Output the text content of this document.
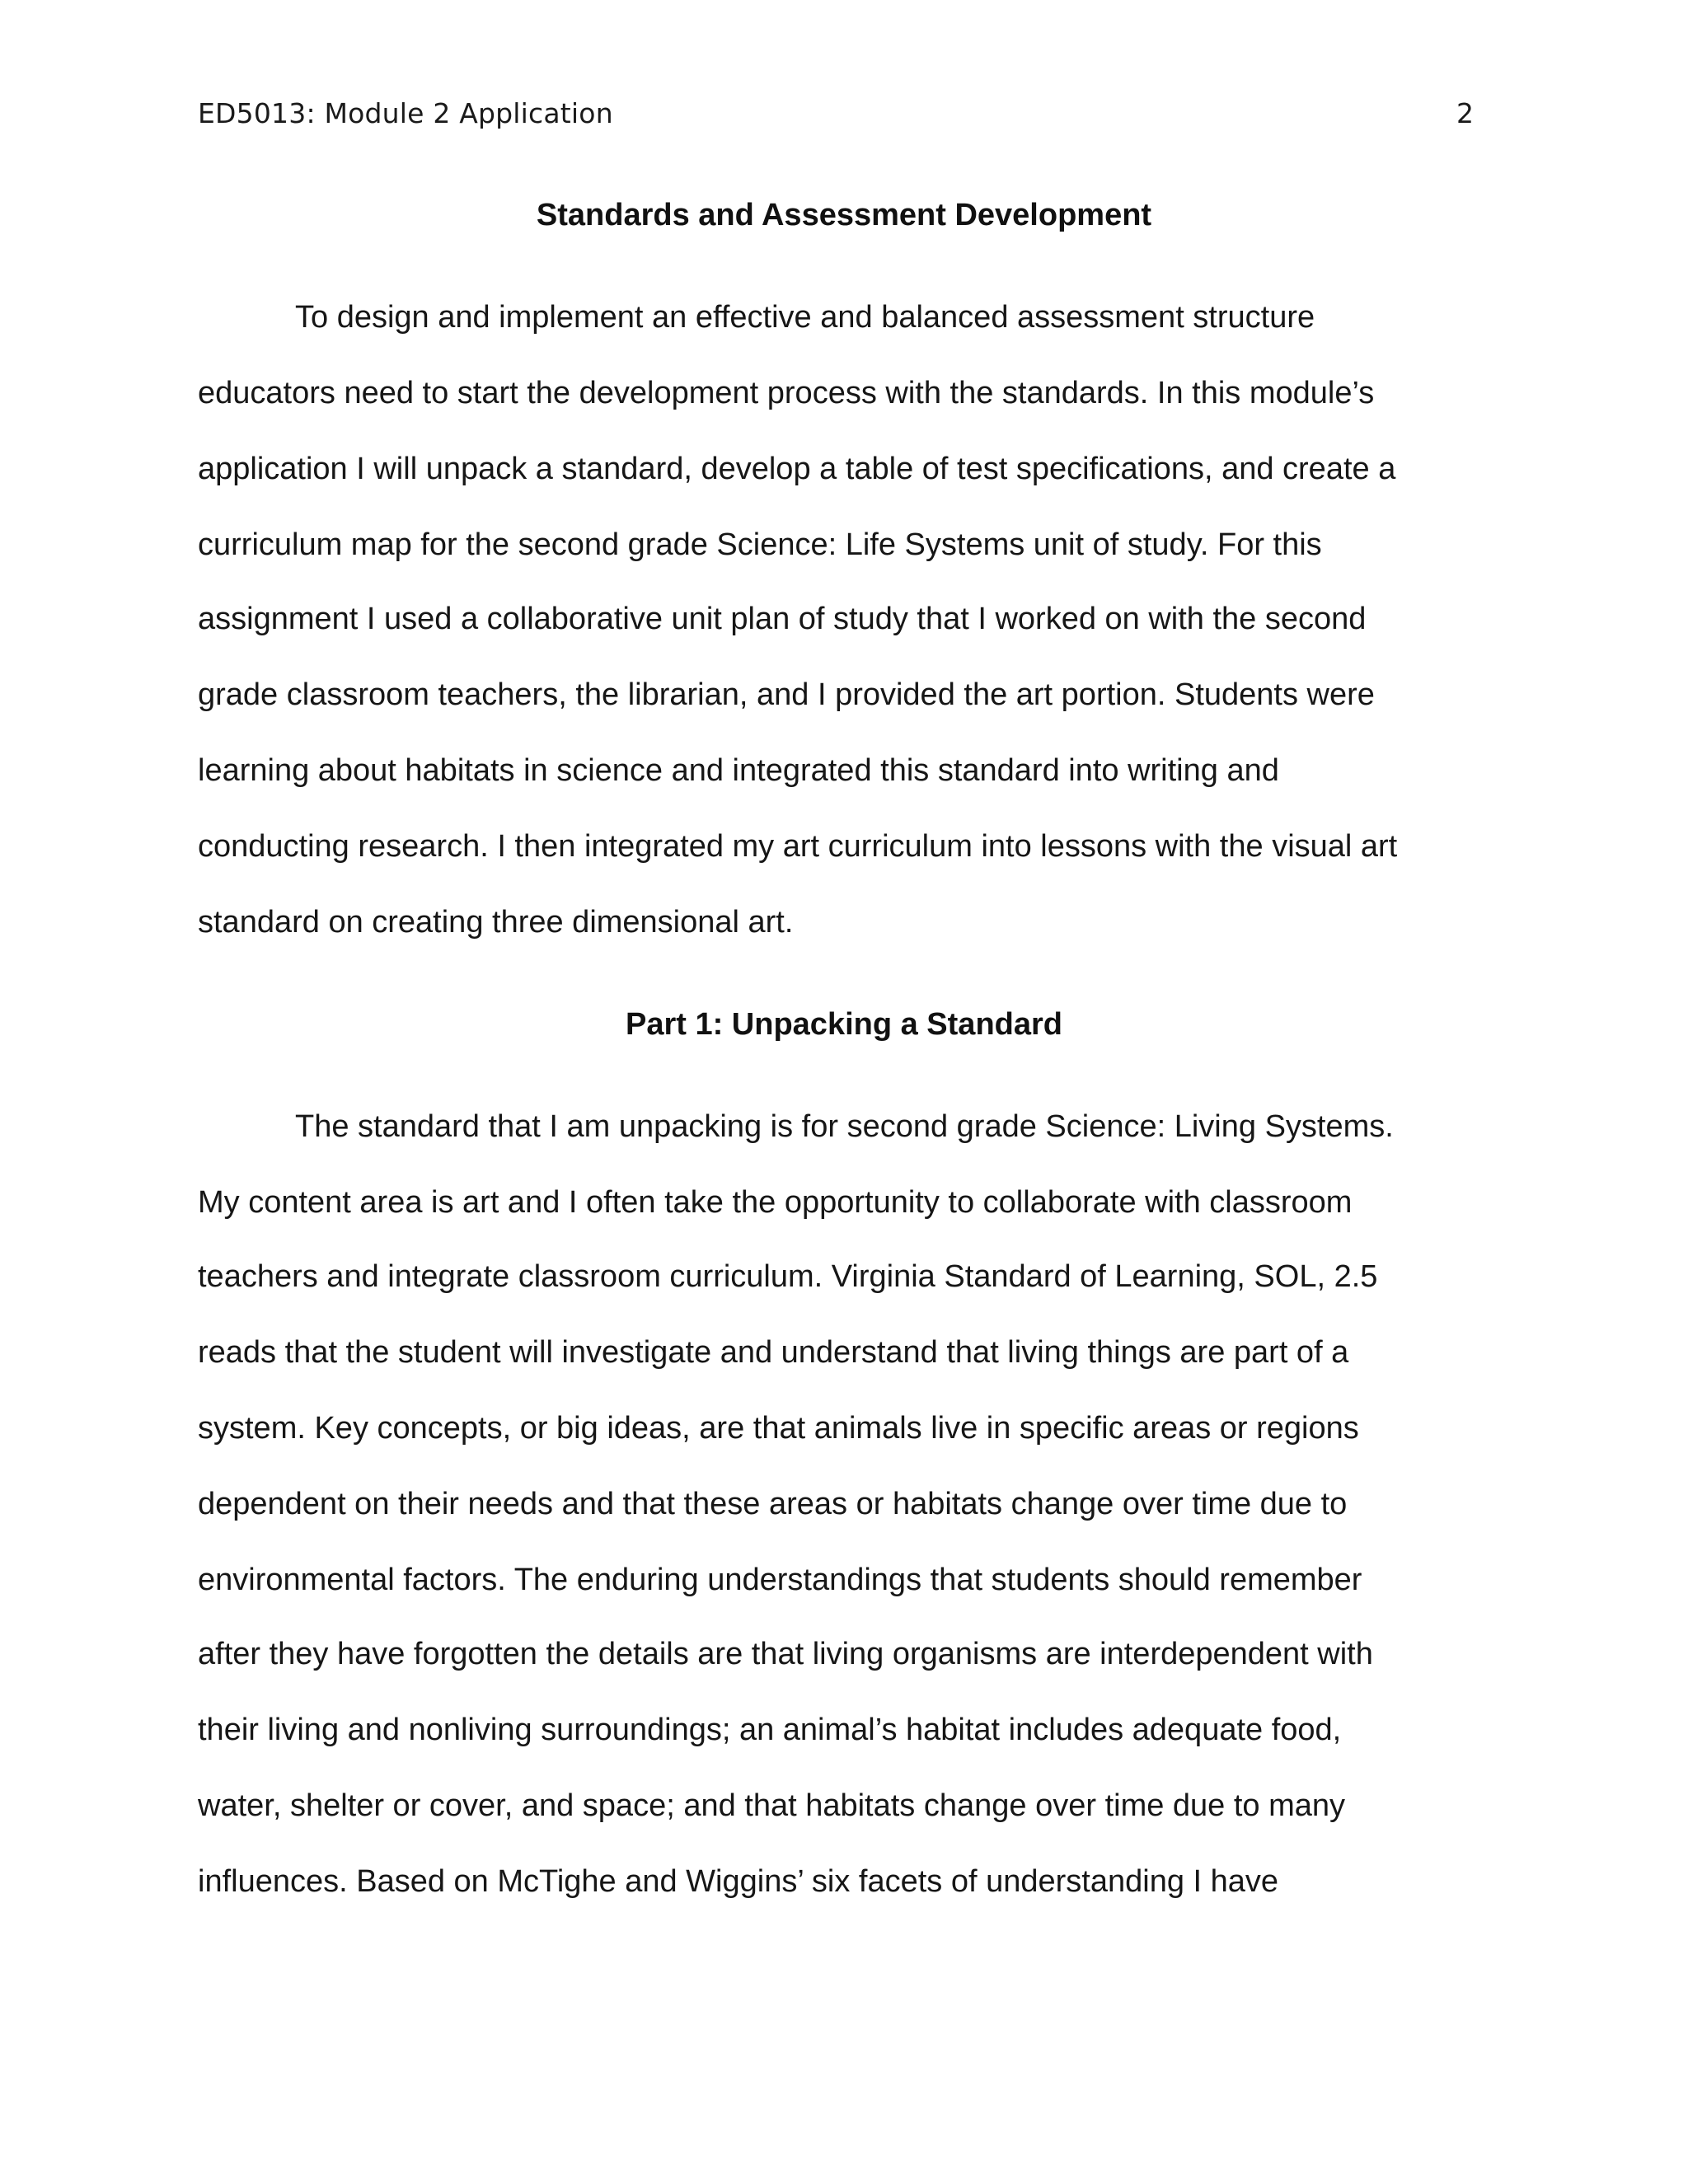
ED5013: Module 2 Application	2
Standards and Assessment Development
To design and implement an effective and balanced assessment structure
educators need to start the development process with the standards. In this module’s
application I will unpack a standard, develop a table of test specifications, and create a
curriculum map for the second grade Science: Life Systems unit of study. For this
assignment I used a collaborative unit plan of study that I worked on with the second
grade classroom teachers, the librarian, and I provided the art portion. Students were
learning about habitats in science and integrated this standard into writing and
conducting research. I then integrated my art curriculum into lessons with the visual art
standard on creating three dimensional art.
Part 1: Unpacking a Standard
The standard that I am unpacking is for second grade Science: Living Systems.
My content area is art and I often take the opportunity to collaborate with classroom
teachers and integrate classroom curriculum. Virginia Standard of Learning, SOL, 2.5
reads that the student will investigate and understand that living things are part of a
system. Key concepts, or big ideas, are that animals live in specific areas or regions
dependent on their needs and that these areas or habitats change over time due to
environmental factors. The enduring understandings that students should remember
after they have forgotten the details are that living organisms are interdependent with
their living and nonliving surroundings; an animal’s habitat includes adequate food,
water, shelter or cover, and space; and that habitats change over time due to many
influences. Based on McTighe and Wiggins’ six facets of understanding I have
